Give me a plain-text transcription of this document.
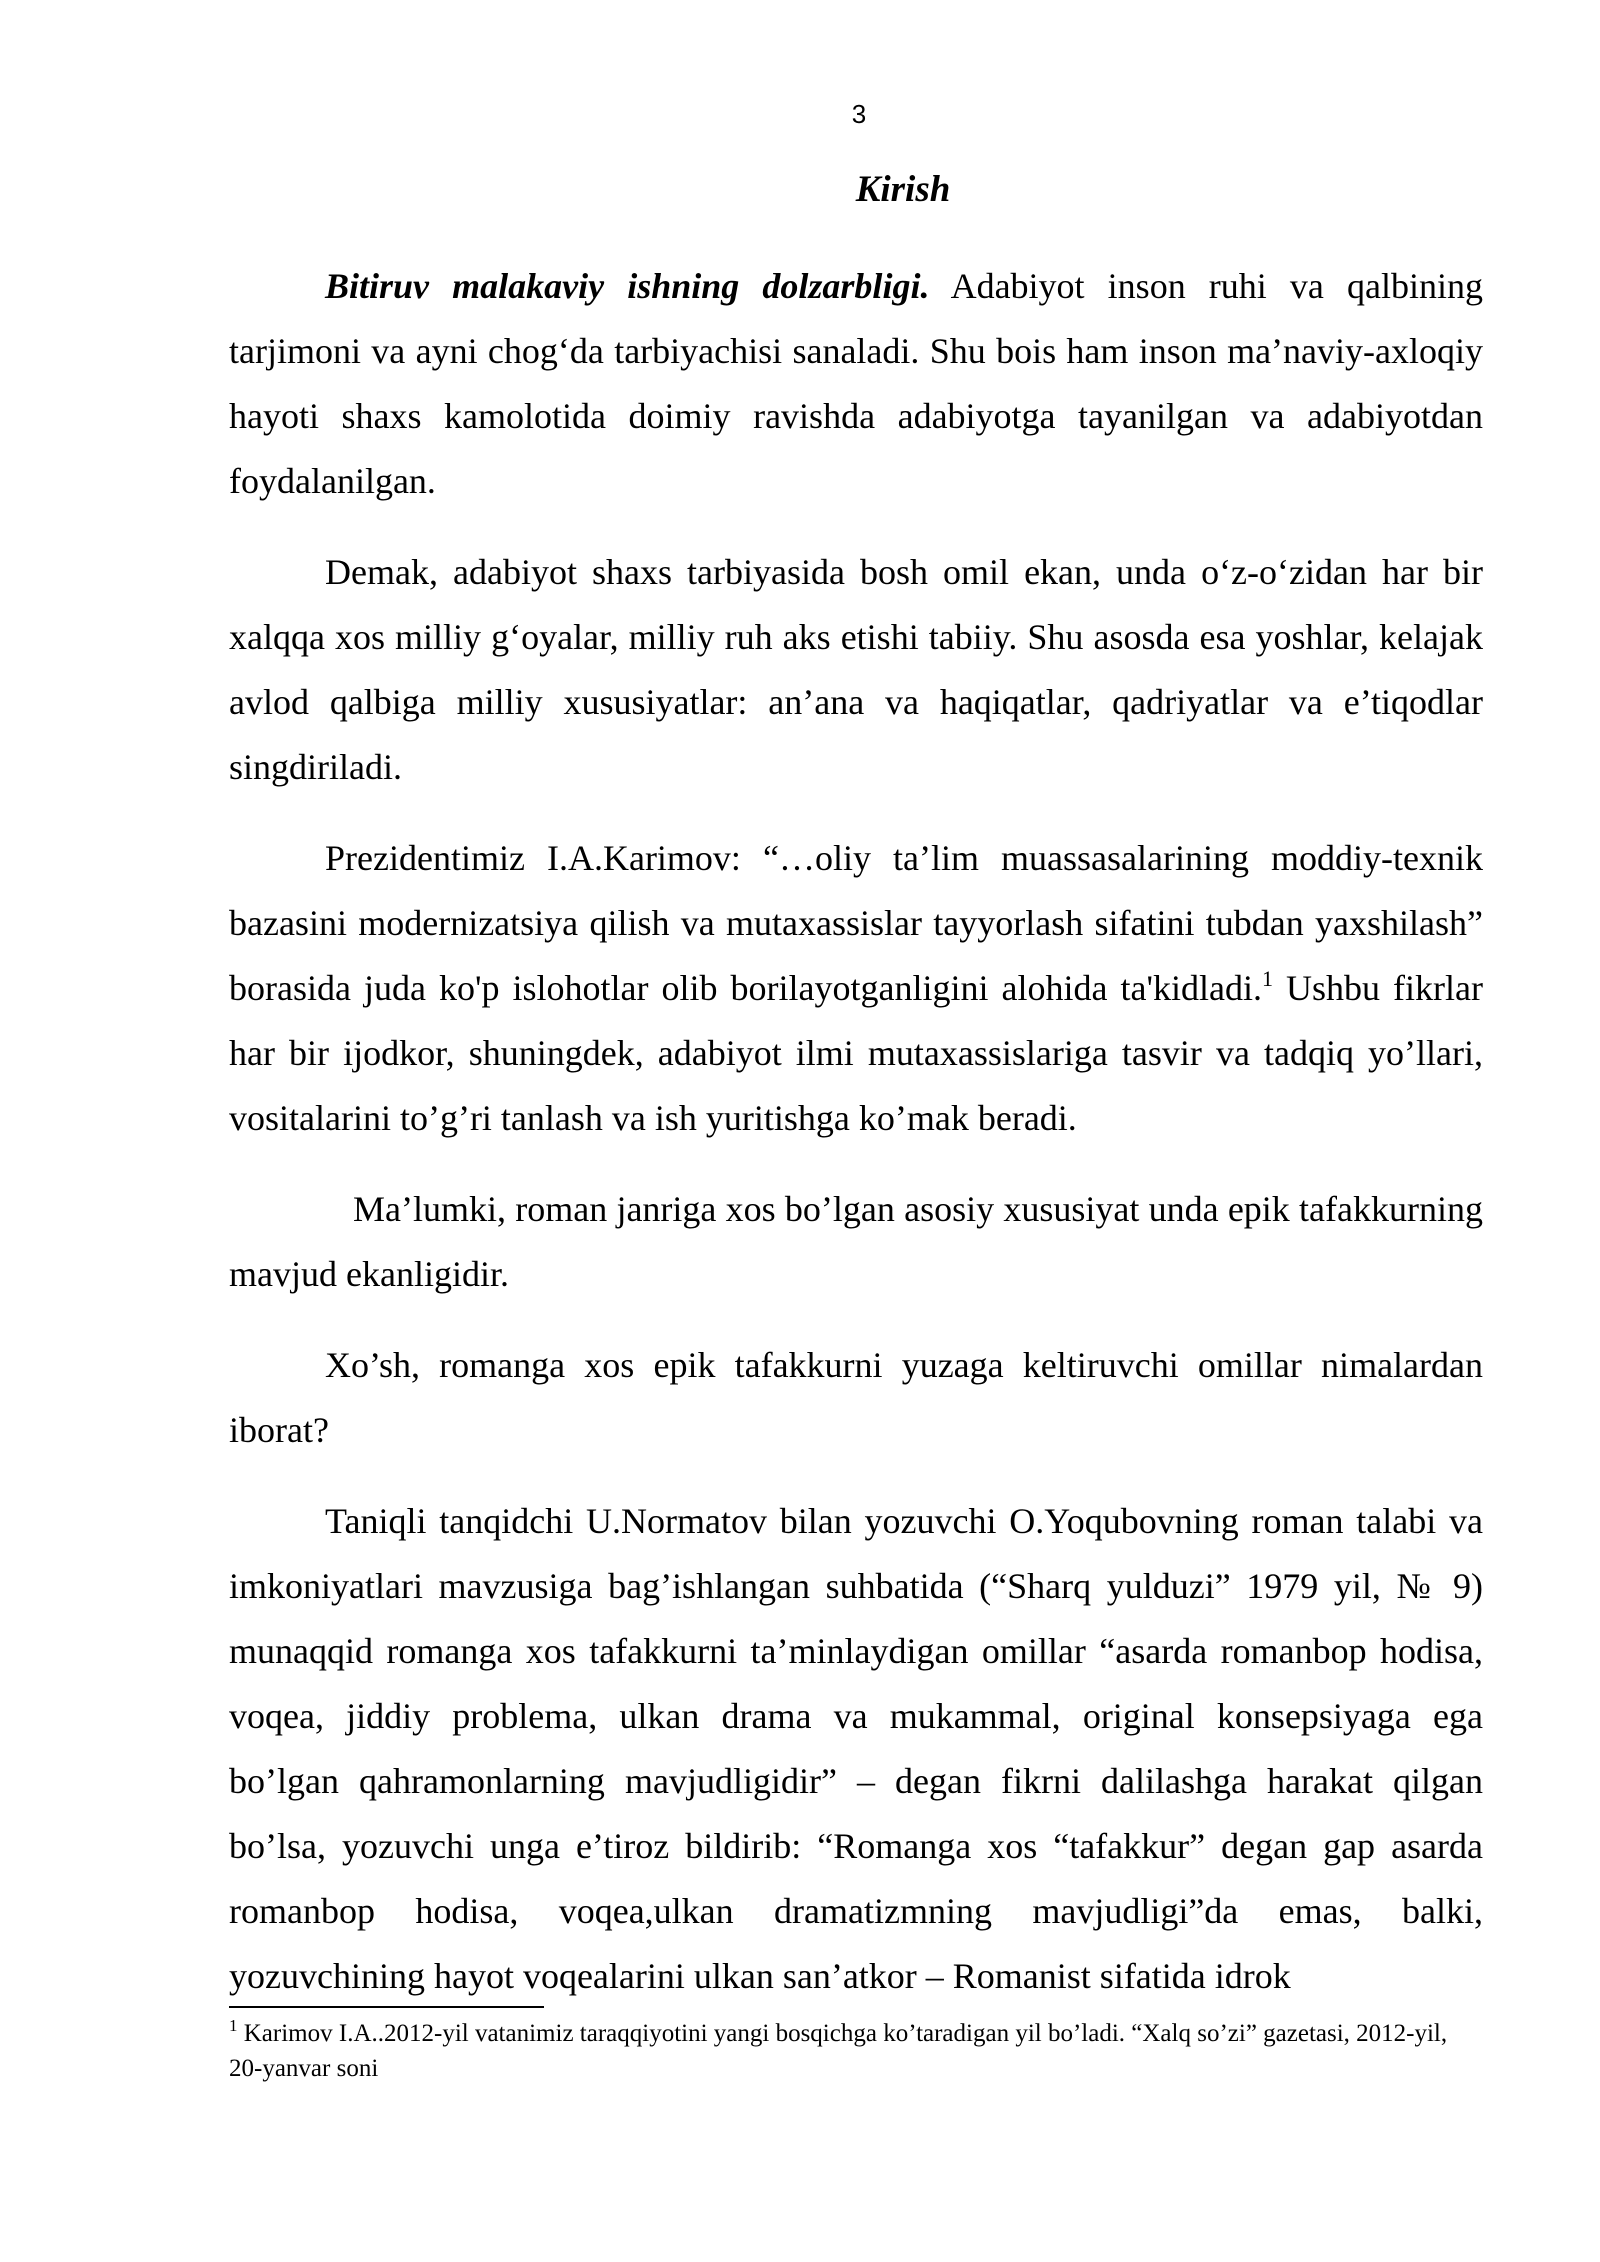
3
Kirish

Bitiruv malakaviy ishning dolzarbligi. Adabiyot inson ruhi va qalbining tarjimoni va ayni chog‘da tarbiyachisi sanaladi. Shu bois ham inson ma’naviy-axloqiy hayoti shaxs kamolotida doimiy ravishda adabiyotga tayanilgan va adabiyotdan foydalanilgan.

Demak, adabiyot shaxs tarbiyasida bosh omil ekan, unda o‘z-o‘zidan har bir xalqqa xos milliy g‘oyalar, milliy ruh aks etishi tabiiy. Shu asosda esa yoshlar, kelajak avlod qalbiga milliy xususiyatlar: an’ana va haqiqatlar, qadriyatlar va e’tiqodlar singdiriladi.

Prezidentimiz I.A.Karimov: “…oliy ta’lim muassasalarining moddiy-texnik bazasini modernizatsiya qilish va mutaxassislar tayyorlash sifatini tubdan yaxshilash” borasida juda ko'p islohotlar olib borilayotganligini alohida ta'kidladi.$^1$ Ushbu fikrlar har bir ijodkor, shuningdek, adabiyot ilmi mutaxassislariga tasvir va tadqiq yo’llari, vositalarini to’g’ri tanlash va ish yuritishga ko’mak beradi.

Ma’lumki, roman janriga xos bo’lgan asosiy xususiyat unda epik tafakkurning mavjud ekanligidir.

Xo’sh, romanga xos epik tafakkurni yuzaga keltiruvchi omillar nimalardan iborat?

Taniqli tanqidchi U.Normatov bilan yozuvchi O.Yoqubovning roman talabi va imkoniyatlari mavzusiga bag’ishlangan suhbatida (“Sharq yulduzi” 1979 yil, № 9) munaqqid romanga xos tafakkurni ta’minlaydigan omillar “asarda romanbop hodisa, voqea, jiddiy problema, ulkan drama va mukammal, original konsepsiyaga ega bo’lgan qahramonlarning mavjudligidir” – degan fikrni dalilashga harakat qilgan bo’lsa, yozuvchi unga e’tiroz bildirib: “Romanga xos “tafakkur” degan gap asarda romanbop hodisa, voqea,ulkan dramatizmning mavjudligi”da emas, balki, yozuvchining hayot voqealarini ulkan san’atkor – Romanist sifatida idrok

$^1$ Karimov I.A..2012-yil vatanimiz taraqqiyotini yangi bosqichga ko’taradigan yil bo’ladi. “Xalq so’zi” gazetasi, 2012-yil, 20-yanvar soni
